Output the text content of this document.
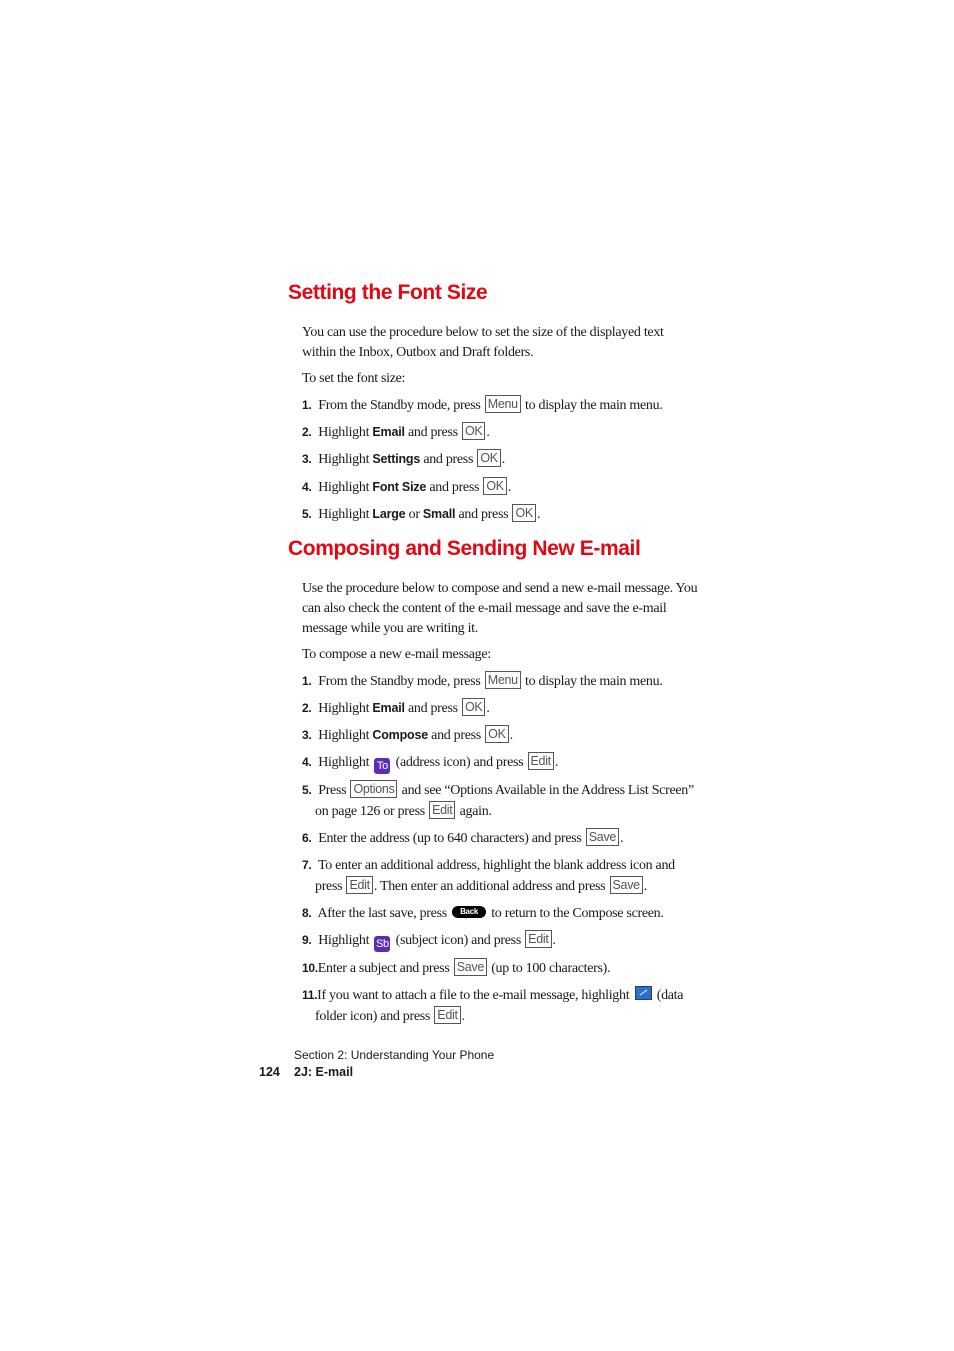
Setting the Font Size

You can use the procedure below to set the size of the displayed text
within the Inbox, Outbox and Draft folders.

To set the font size:

1. From the Standby mode, press Menu to display the main menu.

2. Highlight Email and press OK .

3. Highlight Settings and press OK .

4. Highlight Font Size and press OK .

5. Highlight Large or Small and press OK .

Composing and Sending New E-mail

Use the procedure below to compose and send a new e-mail message. You
can also check the content of the e-mail message and save the e-mail
message while you are writing it.

To compose a new e-mail message:

1. From the Standby mode, press Menu to display the main menu.

2. Highlight Email and press OK .

3. Highlight Compose and press OK .

4. Highlight To (address icon) and press Edit .

5. Press Options and see “Options Available in the Address List Screen”
on page 126 or press Edit again.

6. Enter the address (up to 640 characters) and press Save .

7. To enter an additional address, highlight the blank address icon and
press Edit . Then enter an additional address and press Save .

8. After the last save, press Back to return to the Compose screen.

9. Highlight Sb (subject icon) and press Edit .

10.Enter a subject and press Save (up to 100 characters).

11.If you want to attach a file to the e-mail message, highlight (data
folder icon) and press Edit .

Section 2: Understanding Your Phone

124 2J: E-mail
